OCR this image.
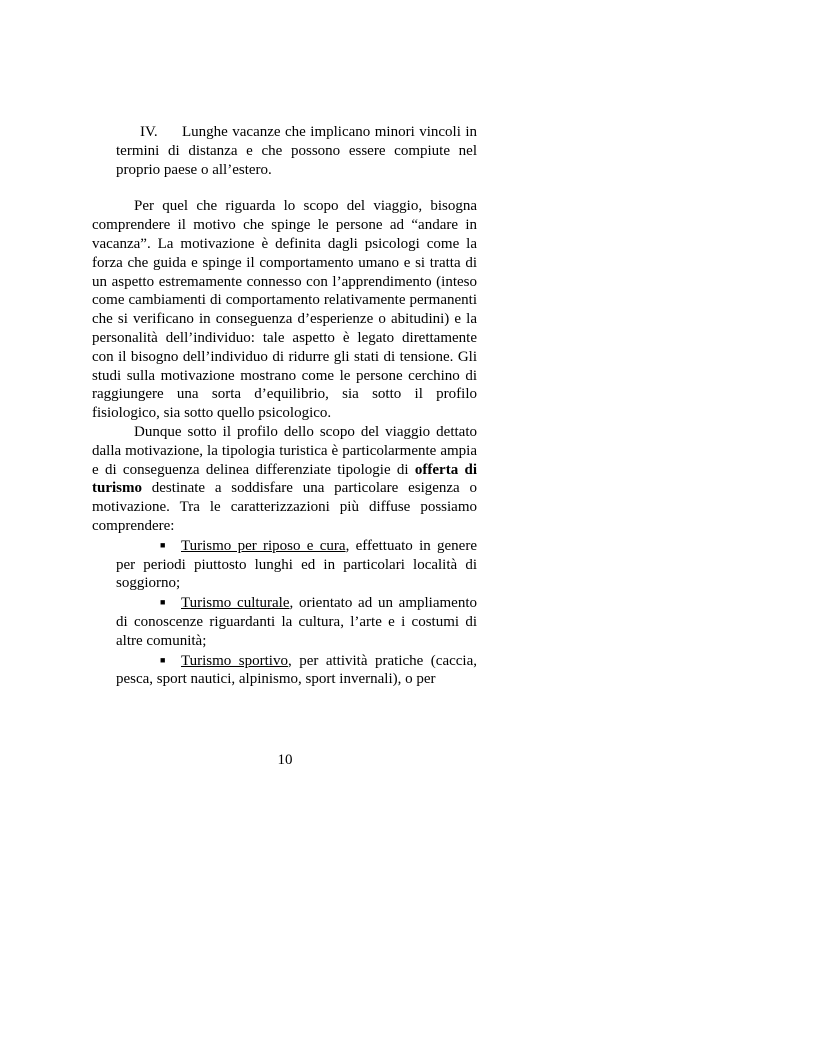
IV. Lunghe vacanze che implicano minori vincoli in termini di distanza e che possono essere compiute nel proprio paese o all’estero.

Per quel che riguarda lo scopo del viaggio, bisogna comprendere il motivo che spinge le persone ad “andare in vacanza”. La motivazione è definita dagli psicologi come la forza che guida e spinge il comportamento umano e si tratta di un aspetto estremamente connesso con l’apprendimento (inteso come cambiamenti di comportamento relativamente permanenti che si verificano in conseguenza d’esperienze o abitudini) e la personalità dell’individuo: tale aspetto è legato direttamente con il bisogno dell’individuo di ridurre gli stati di tensione. Gli studi sulla motivazione mostrano come le persone cerchino di raggiungere una sorta d’equilibrio, sia sotto il profilo fisiologico, sia sotto quello psicologico.

Dunque sotto il profilo dello scopo del viaggio dettato dalla motivazione, la tipologia turistica è particolarmente ampia e di conseguenza delinea differenziate tipologie di offerta di turismo destinate a soddisfare una particolare esigenza o motivazione. Tra le caratterizzazioni più diffuse possiamo comprendere:

■ Turismo per riposo e cura, effettuato in genere per periodi piuttosto lunghi ed in particolari località di soggiorno;

■ Turismo culturale, orientato ad un ampliamento di conoscenze riguardanti la cultura, l’arte e i costumi di altre comunità;

■ Turismo sportivo, per attività pratiche (caccia, pesca, sport nautici, alpinismo, sport invernali), o per

10
